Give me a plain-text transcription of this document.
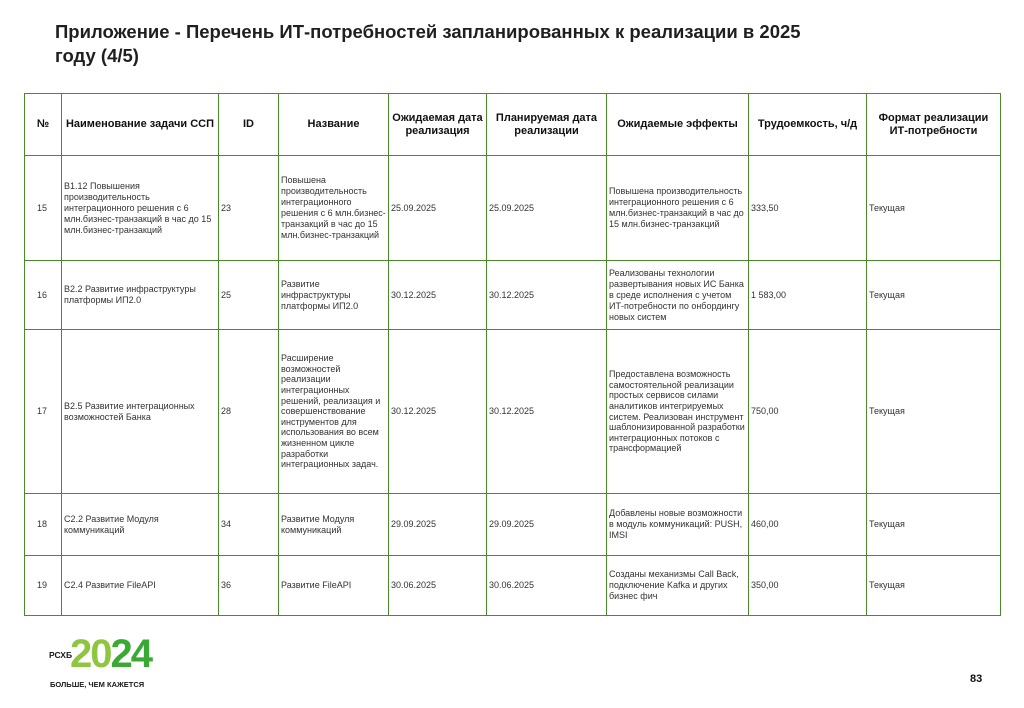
Приложение - Перечень ИТ-потребностей запланированных к реализации в 2025 году (4/5)
№	Наименование задачи ССП	ID	Название	Ожидаемая дата реализация	Планируемая дата реализации	Ожидаемые эффекты	Трудоемкость, ч/д	Формат реализации ИТ-потребности
15	В1.12 Повышения производительность интеграционного решения с 6 млн.бизнес-транзакций в час до 15 млн.бизнес-транзакций	23	Повышена производительность интеграционного решения с 6 млн.бизнес-транзакций в час до 15 млн.бизнес-транзакций	25.09.2025	25.09.2025	Повышена производительность интеграционного решения с 6 млн.бизнес-транзакций в час до 15 млн.бизнес-транзакций	333,50	Текущая
16	В2.2 Развитие инфраструктуры платформы ИП2.0	25	Развитие инфраструктуры платформы ИП2.0	30.12.2025	30.12.2025	Реализованы технологии развертывания новых ИС Банка в среде исполнения с учетом ИТ-потребности по онбордингу новых систем	1 583,00	Текущая
17	В2.5 Развитие интеграционных возможностей Банка	28	Расширение возможностей реализации интеграционных решений, реализация и совершенствование инструментов для использования во всем жизненном цикле разработки интеграционных задач.	30.12.2025	30.12.2025	Предоставлена возможность самостоятельной реализации простых сервисов силами аналитиков интегрируемых систем. Реализован инструмент шаблонизированной разработки интеграционных потоков с трансформацией	750,00	Текущая
18	С2.2 Развитие Модуля коммуникаций	34	Развитие Модуля коммуникаций	29.09.2025	29.09.2025	Добавлены новые возможности в модуль коммуникаций: PUSH, IMSI	460,00	Текущая
19	С2.4 Развитие FileAPI	36	Развитие FileAPI	30.06.2025	30.06.2025	Созданы механизмы Call Back, подключение Kafka и других бизнес фич	350,00	Текущая
РСХБ
2024
БОЛЬШЕ, ЧЕМ КАЖЕТСЯ	83
